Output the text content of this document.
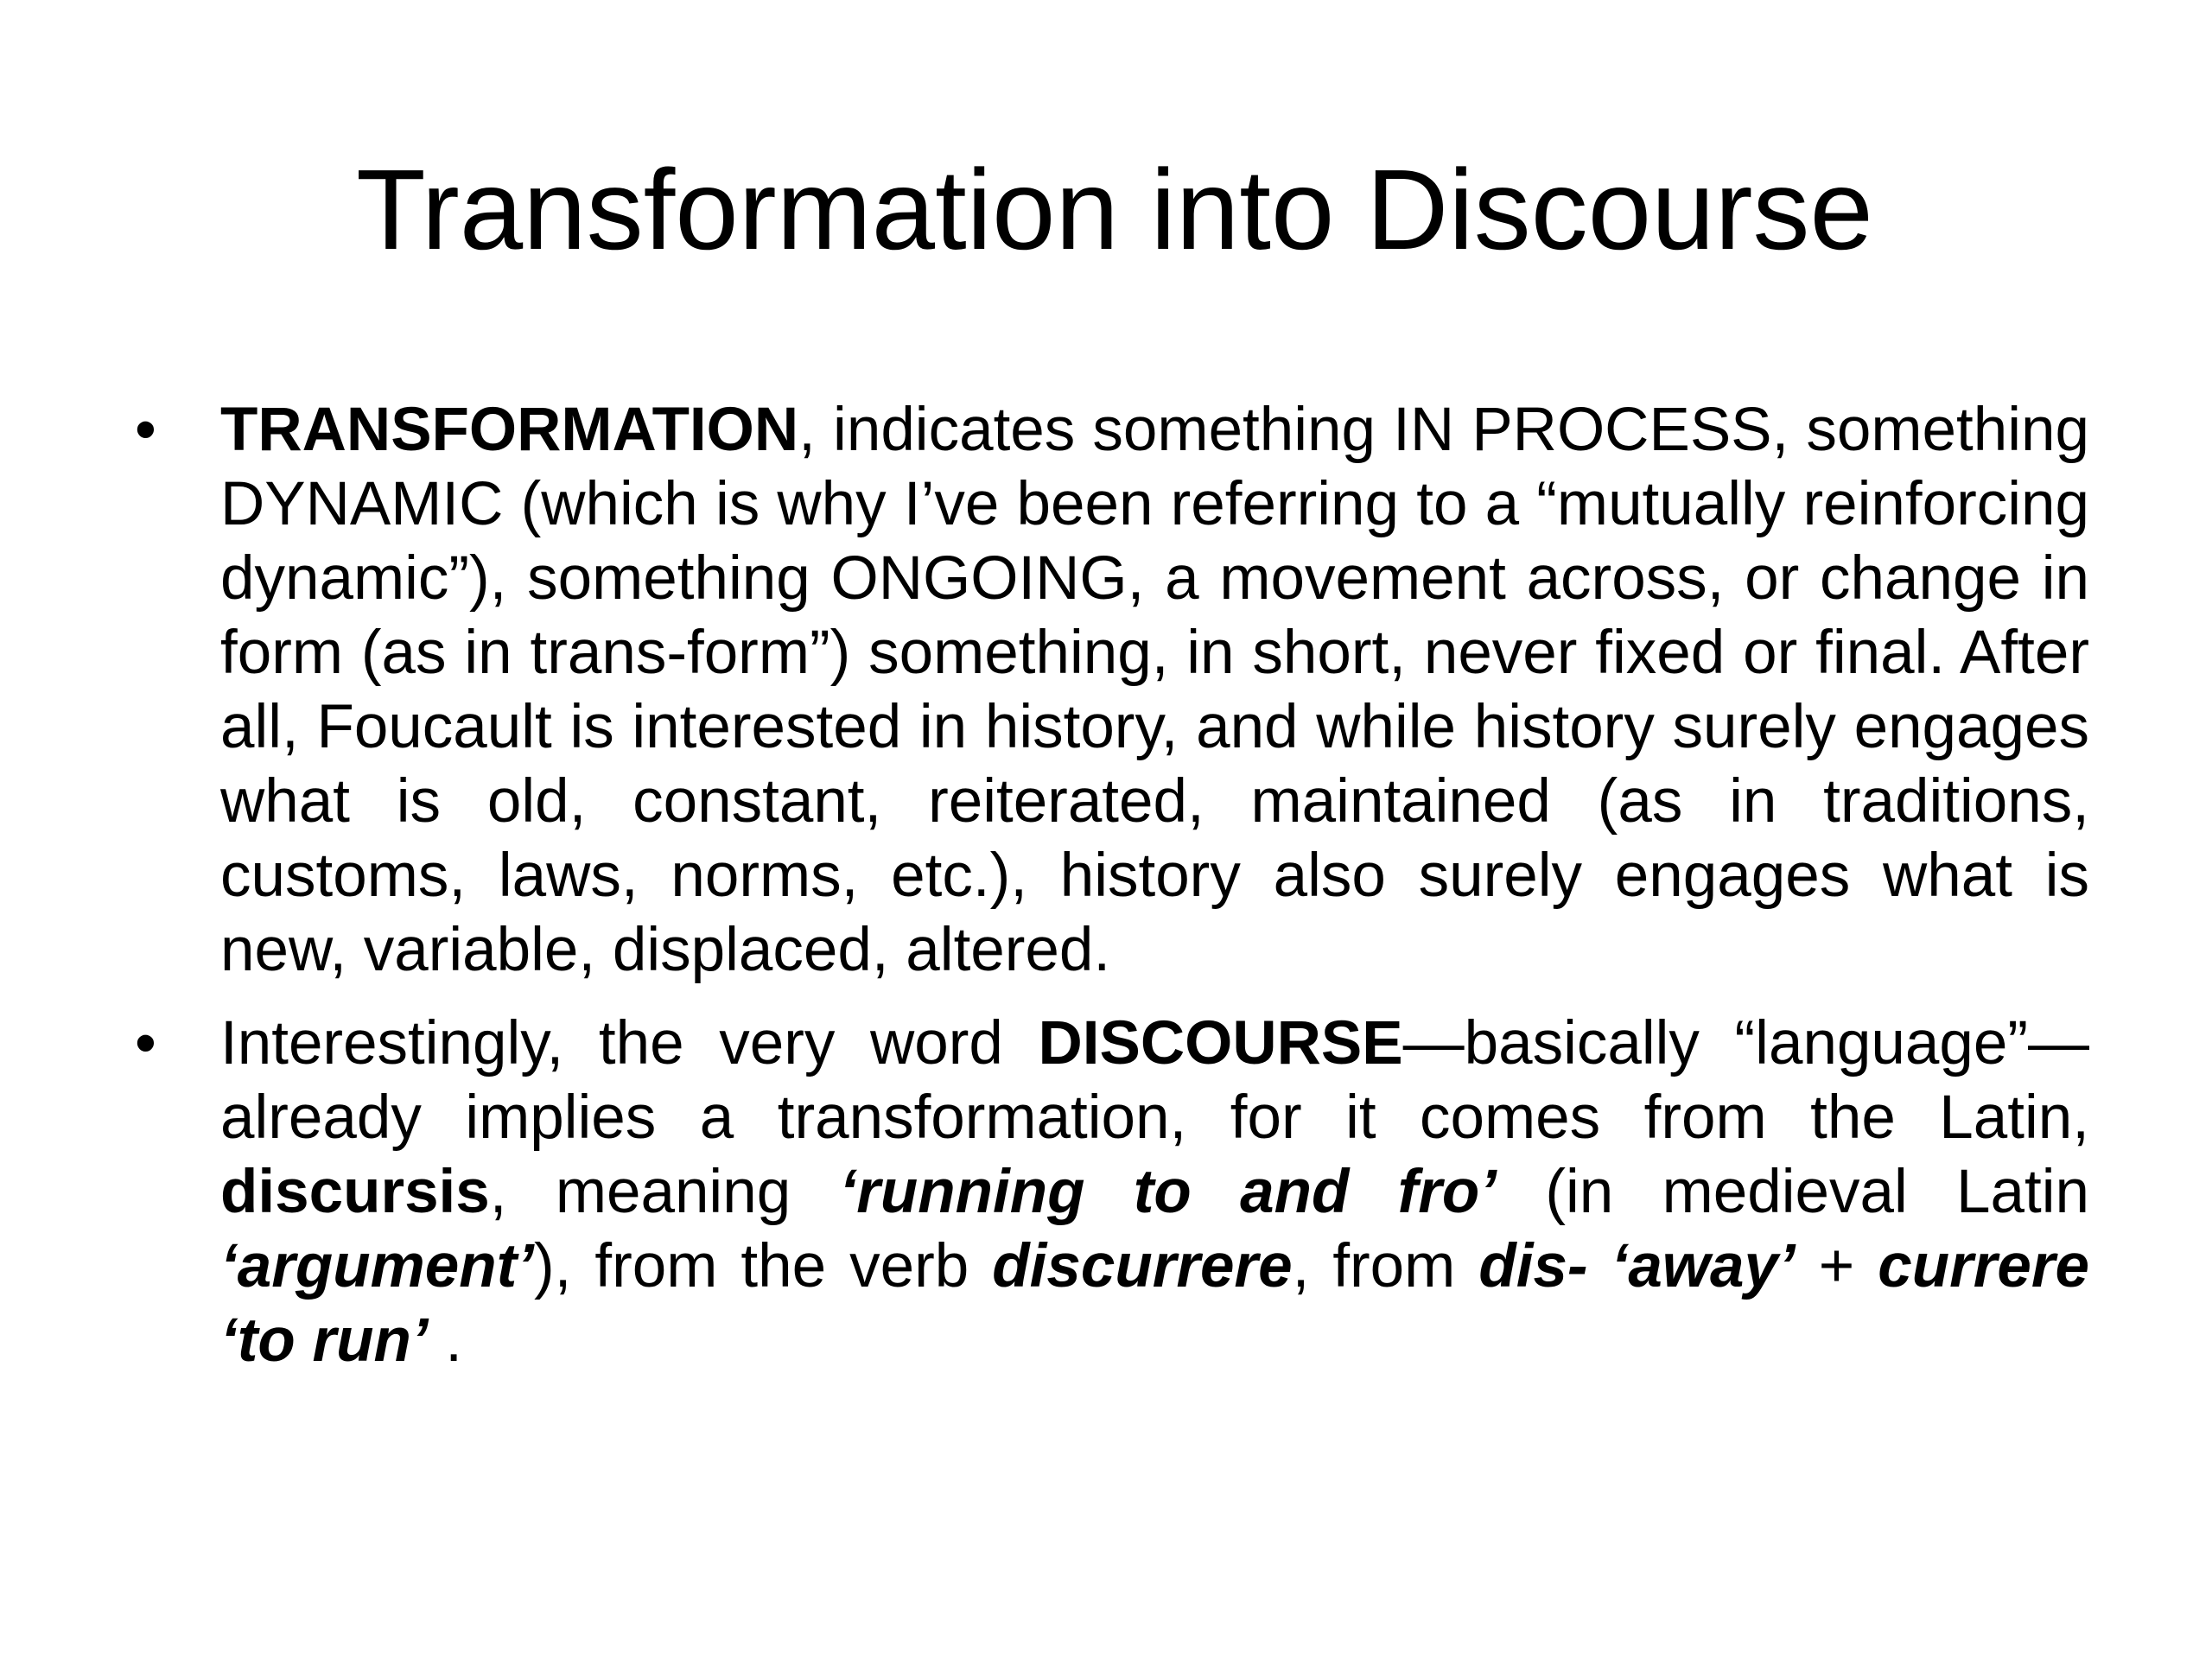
Transformation into Discourse
• TRANSFORMATION, indicates something IN PROCESS, something DYNAMIC (which is why I’ve been referring to a “mutually reinforcing dynamic”), something ONGOING, a movement across, or change in form (as in trans-form”) something, in short, never fixed or final. After all, Foucault is interested in history, and while history surely engages what is old, constant, reiterated, maintained (as in traditions, customs, laws, norms, etc.), history also surely engages what is new, variable, displaced, altered.
• Interestingly, the very word DISCOURSE—basically “language”—already implies a transformation, for it comes from the Latin, discursis, meaning ‘running to and fro’ (in medieval Latin ‘argument’), from the verb discurrere, from dis- ‘away’ + currere ‘to run’ .
